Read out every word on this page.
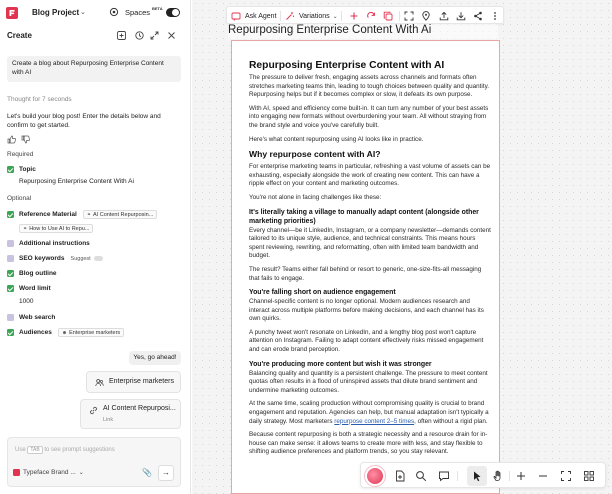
Blog Project ⌄	Spaces BETA
Create
Create a blog about Repurposing Enterprise Content with AI
Thought for 7 seconds
Let's build your blog post! Enter the details below and confirm to get started.
Required
Topic
Repurposing Enterprise Content With Ai
Optional
Reference Material ⚭ AI Content Repurposin...
⚭ How to Use AI to Repu...
Additional instructions
SEO keywords Suggest
Blog outline
Word limit
1000
Web search
Audiences ☻ Enterprise marketers
Yes, go ahead!
Enterprise marketers
AI Content Repurposi...
Link
Use TAB to see prompt suggestions
Typeface Brand ... ⌄	📎	→
Ask Agent	Variations ⌄
Repurposing Enterprise Content With Ai
Repurposing Enterprise Content with AI

The pressure to deliver fresh, engaging assets across channels and formats often stretches marketing teams thin, leading to tough choices between quality and quantity. Repurposing helps but if it becomes complex or slow, it defeats its own purpose.

With AI, speed and efficiency come built-in. It can turn any number of your best assets into engaging new formats without overburdening your team. All without straying from the brand style and voice you've carefully built.

Here's what content repurposing using AI looks like in practice.

Why repurpose content with AI?

For enterprise marketing teams in particular, refreshing a vast volume of assets can be exhausting, especially alongside the work of creating new content. This can have a ripple effect on your content and marketing outcomes.

You're not alone in facing challenges like these:

It's literally taking a village to manually adapt content (alongside other marketing priorities)

Every channel—be it LinkedIn, Instagram, or a company newsletter—demands content tailored to its unique style, audience, and technical constraints. This means hours spent reviewing, rewriting, and reformatting, often with limited team bandwidth and budget.

The result? Teams either fall behind or resort to generic, one-size-fits-all messaging that fails to engage.

You're falling short on audience engagement

Channel-specific content is no longer optional. Modern audiences research and interact across multiple platforms before making decisions, and each channel has its own quirks.

A punchy tweet won't resonate on LinkedIn, and a lengthy blog post won't capture attention on Instagram. Failing to adapt content effectively risks missed engagement and can erode brand perception.

You're producing more content but wish it was stronger

Balancing quality and quantity is a persistent challenge. The pressure to meet content quotas often results in a flood of uninspired assets that dilute brand sentiment and undermine marketing outcomes.

At the same time, scaling production without compromising quality is crucial to brand engagement and reputation. Agencies can help, but manual adaptation isn't typically a daily strategy. Most marketers repurpose content 2–5 times, often without a rigid plan.

Because content repurposing is both a strategic necessity and a resource drain for in-house can make sense: it allows teams to create more with less, and stay flexible to shifting audience preferences and platform trends, so you stay relevant.
